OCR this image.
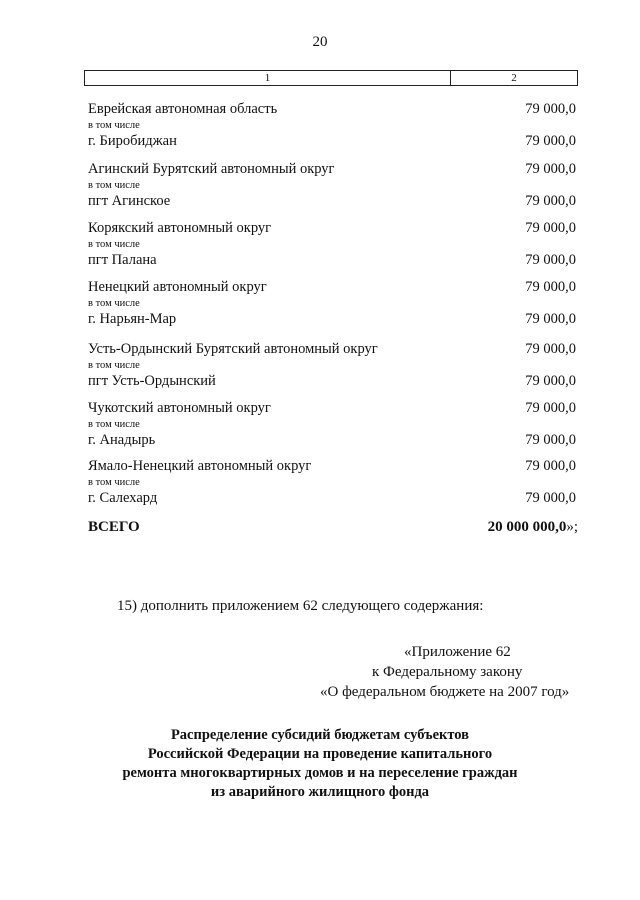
20
1	2
Еврейская автономная область	79 000,0
в том числе
г. Биробиджан	79 000,0
Агинский Бурятский автономный округ	79 000,0
в том числе
пгт Агинское	79 000,0
Корякский автономный округ	79 000,0
в том числе
пгт Палана	79 000,0
Ненецкий автономный округ	79 000,0
в том числе
г. Нарьян-Мар	79 000,0
Усть-Ордынский Бурятский автономный округ	79 000,0
в том числе
пгт Усть-Ордынский	79 000,0
Чукотский автономный округ	79 000,0
в том числе
г. Анадырь	79 000,0
Ямало-Ненецкий автономный округ	79 000,0
в том числе
г. Салехард	79 000,0
ВСЕГО	20 000 000,0»;
15) дополнить приложением 62 следующего содержания:
«Приложение 62
к Федеральному закону
«О федеральном бюджете на 2007 год»
Распределение субсидий бюджетам субъектов
Российской Федерации на проведение капитального
ремонта многоквартирных домов и на переселение граждан
из аварийного жилищного фонда
